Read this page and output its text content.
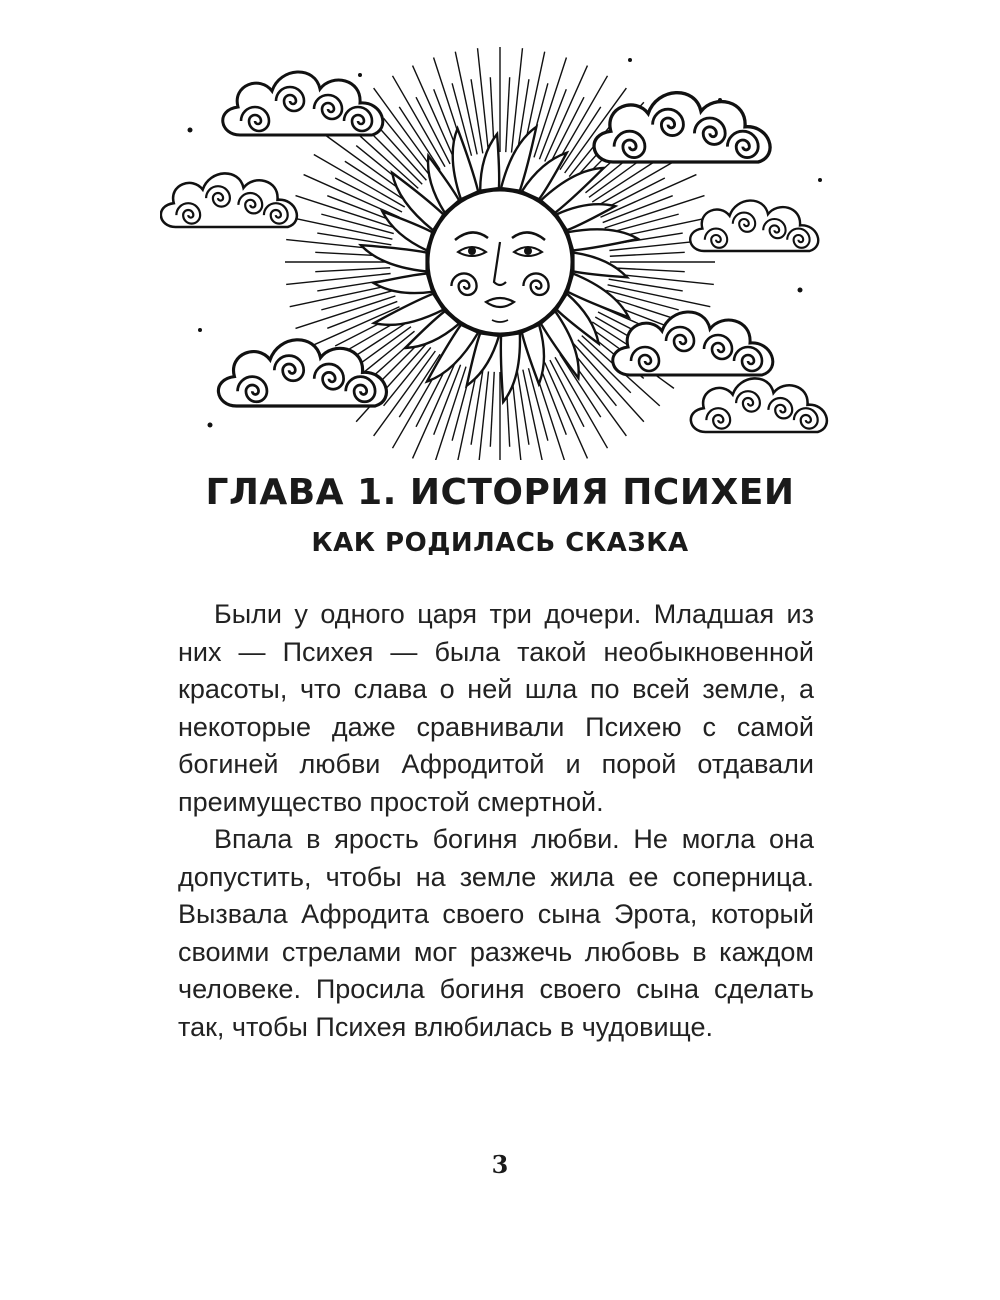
ГЛАВА 1. ИСТОРИЯ ПСИХЕИ
КАК РОДИЛАСЬ СКАЗКА

Были у одного царя три дочери. Младшая из них — Психея — была такой необыкновенной красоты, что слава о ней шла по всей земле, а некоторые даже сравнивали Психею с самой богиней любви Афродитой и порой отдавали преимущество простой смертной.

Впала в ярость богиня любви. Не могла она допустить, чтобы на земле жила ее соперница. Вызвала Афродита своего сына Эрота, который своими стрелами мог разжечь любовь в каждом человеке. Просила богиня своего сына сделать так, чтобы Психея влюбилась в чудовище.

3
